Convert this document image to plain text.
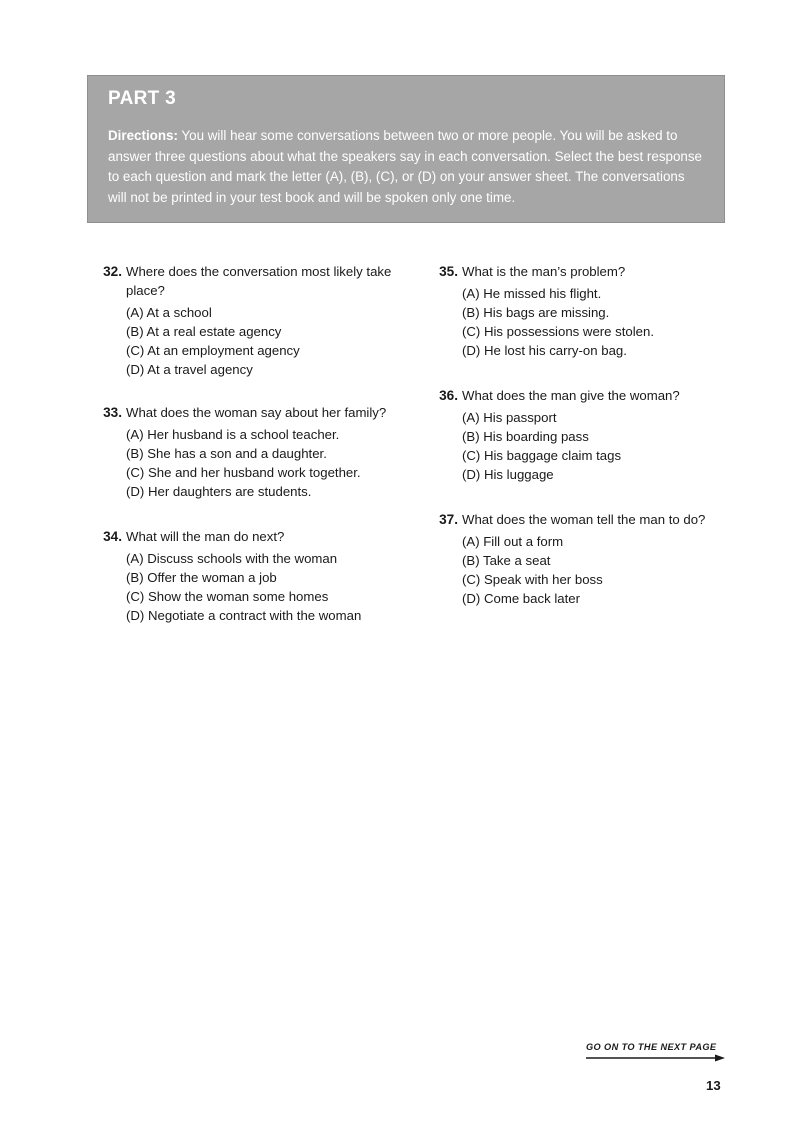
PART 3

Directions: You will hear some conversations between two or more people. You will be asked to answer three questions about what the speakers say in each conversation. Select the best response to each question and mark the letter (A), (B), (C), or (D) on your answer sheet. The conversations will not be printed in your test book and will be spoken only one time.

32. Where does the conversation most likely take place?
(A) At a school
(B) At a real estate agency
(C) At an employment agency
(D) At a travel agency
33. What does the woman say about her family?
(A) Her husband is a school teacher.
(B) She has a son and a daughter.
(C) She and her husband work together.
(D) Her daughters are students.
34. What will the man do next?
(A) Discuss schools with the woman
(B) Offer the woman a job
(C) Show the woman some homes
(D) Negotiate a contract with the woman
35. What is the man’s problem?
(A) He missed his flight.
(B) His bags are missing.
(C) His possessions were stolen.
(D) He lost his carry-on bag.
36. What does the man give the woman?
(A) His passport
(B) His boarding pass
(C) His baggage claim tags
(D) His luggage
37. What does the woman tell the man to do?
(A) Fill out a form
(B) Take a seat
(C) Speak with her boss
(D) Come back later
GO ON TO THE NEXT PAGE
13
